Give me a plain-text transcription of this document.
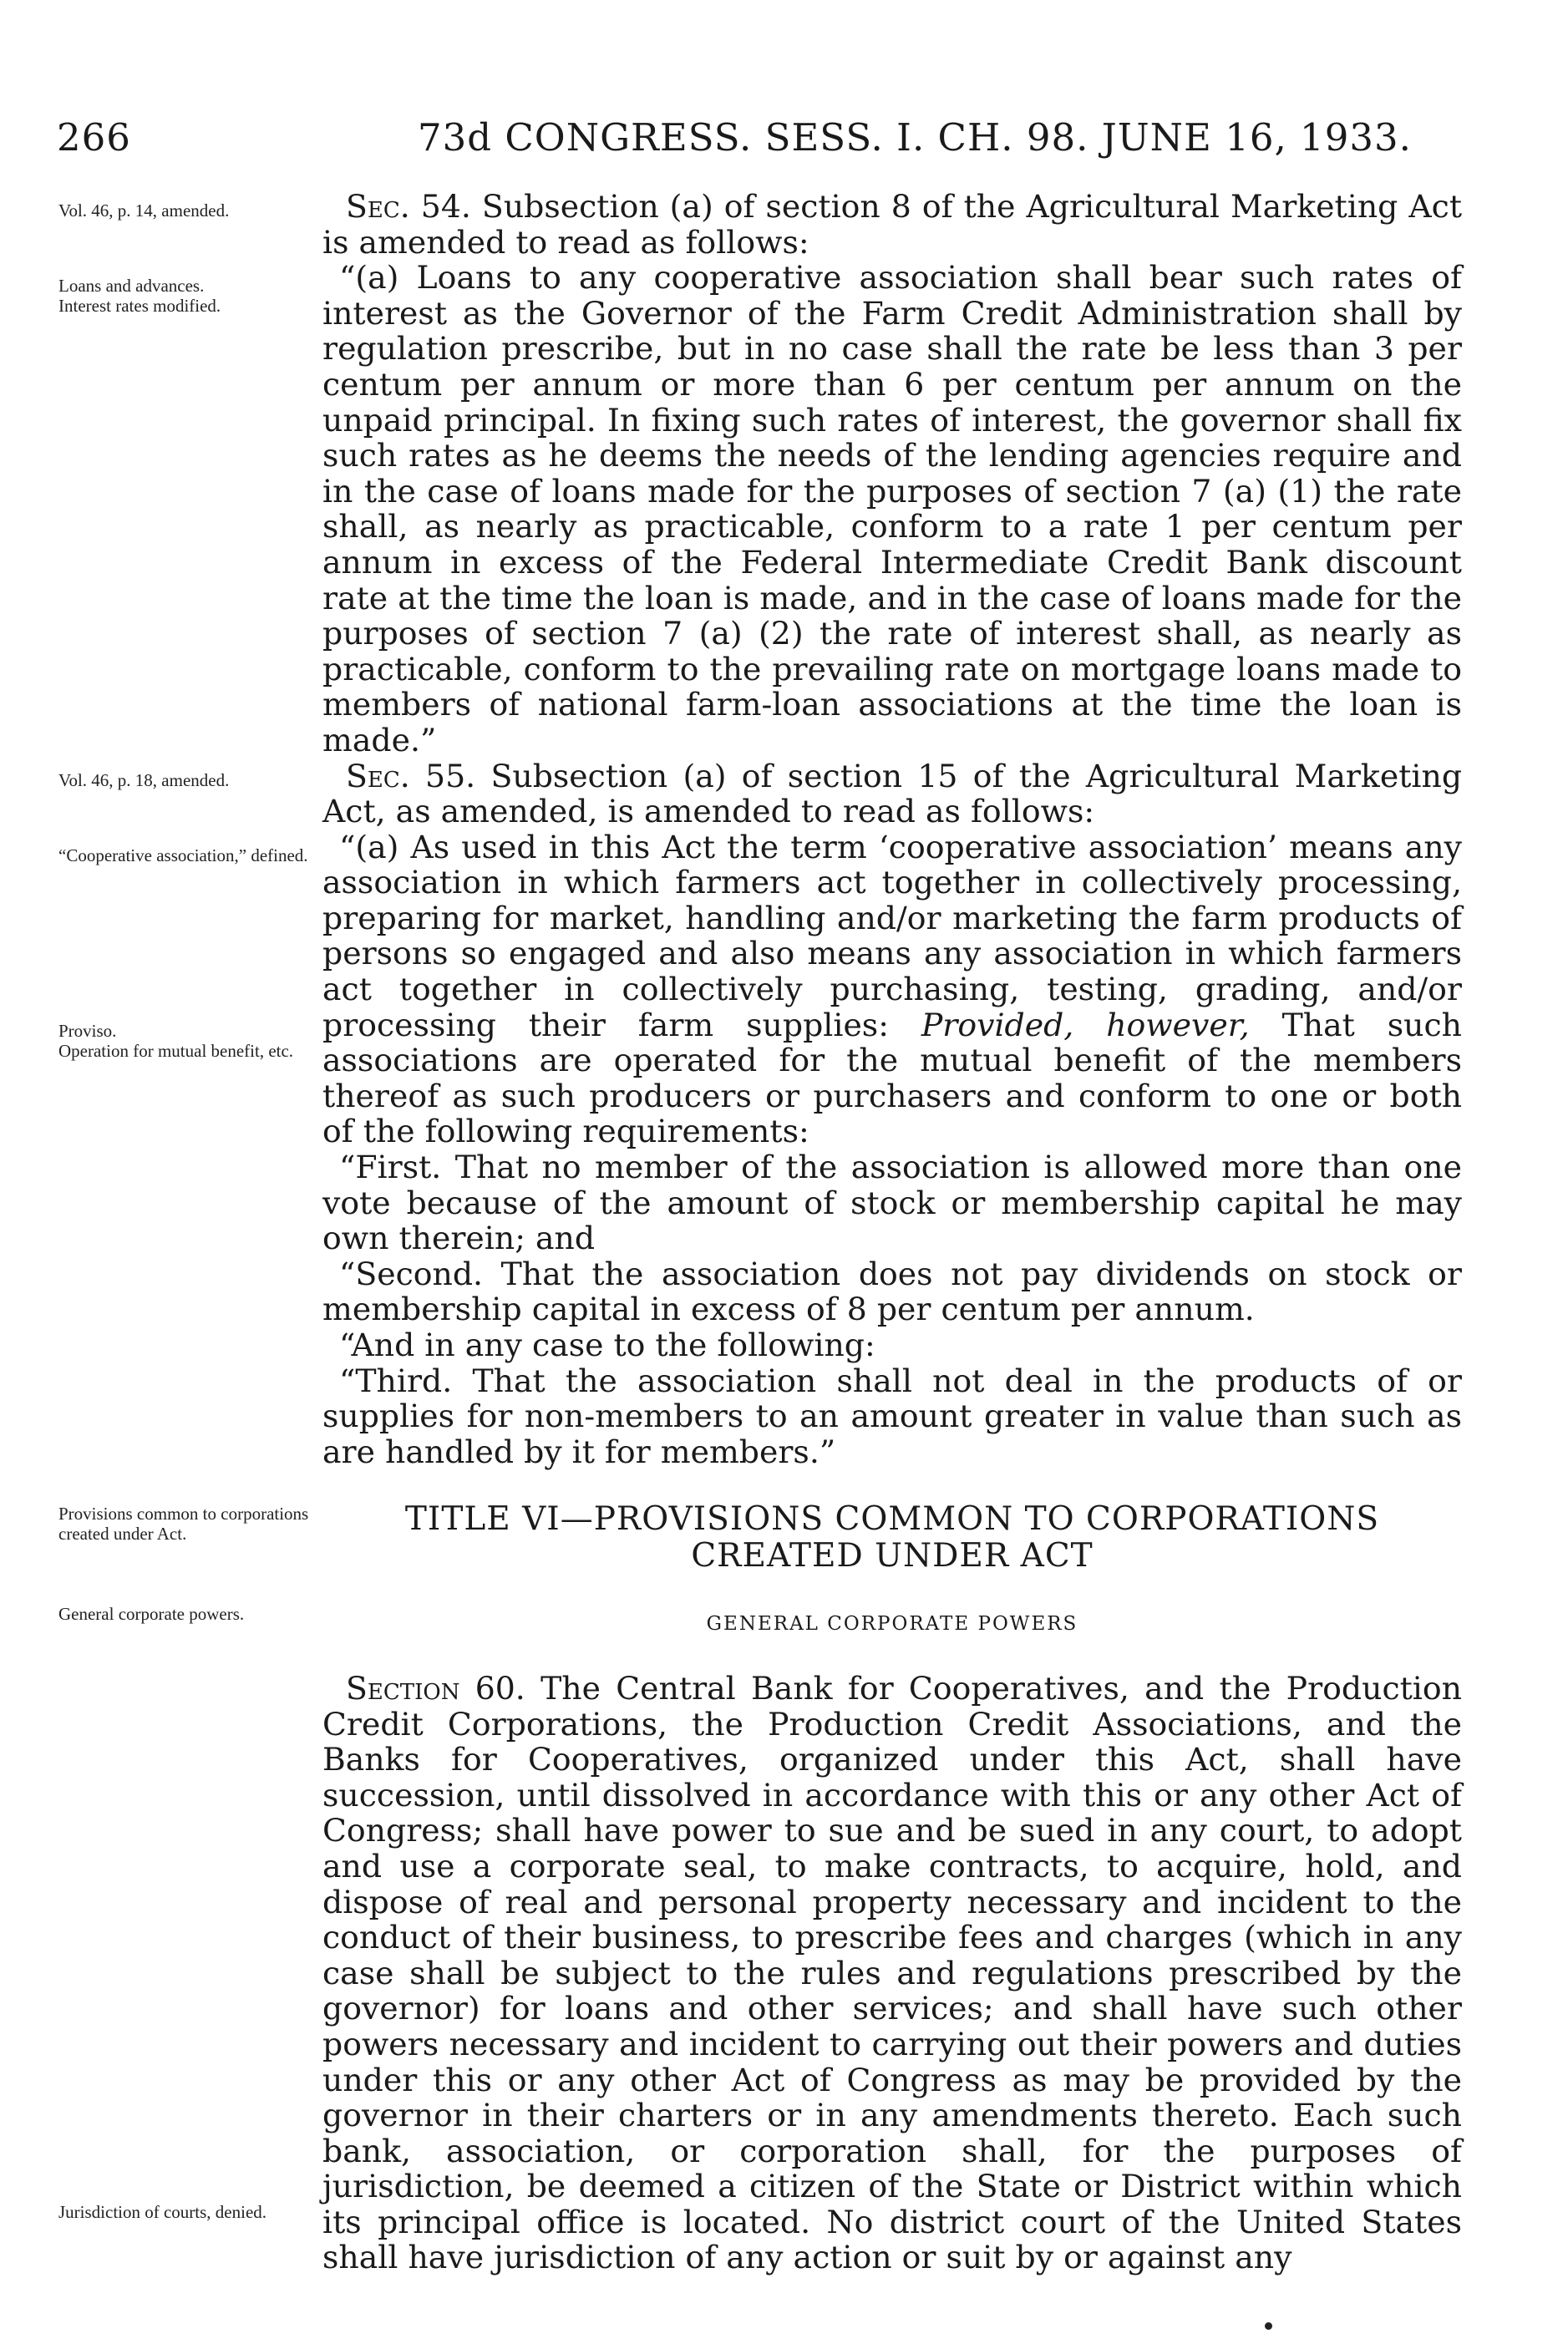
266	73d CONGRESS. SESS. I. CH. 98. JUNE 16, 1933.
Vol. 46, p. 14, amended.
Loans and advances.
Interest rates modified.
Vol. 46, p. 18, amended.
“Cooperative association,” defined.
Proviso.
Operation for mutual benefit, etc.
Provisions common to corporations created under Act.
General corporate powers.
Jurisdiction of courts, denied.

Sec. 54. Subsection (a) of section 8 of the Agricultural Marketing Act is amended to read as follows:

“(a) Loans to any cooperative association shall bear such rates of interest as the Governor of the Farm Credit Administration shall by regulation prescribe, but in no case shall the rate be less than 3 per centum per annum or more than 6 per centum per annum on the unpaid principal. In fixing such rates of interest, the governor shall fix such rates as he deems the needs of the lending agencies require and in the case of loans made for the purposes of section 7 (a) (1) the rate shall, as nearly as practicable, conform to a rate 1 per centum per annum in excess of the Federal Intermediate Credit Bank discount rate at the time the loan is made, and in the case of loans made for the purposes of section 7 (a) (2) the rate of interest shall, as nearly as practicable, conform to the prevailing rate on mortgage loans made to members of national farm-loan associations at the time the loan is made.”

Sec. 55. Subsection (a) of section 15 of the Agricultural Marketing Act, as amended, is amended to read as follows:

“(a) As used in this Act the term ‘cooperative association’ means any association in which farmers act together in collectively processing, preparing for market, handling and/or marketing the farm products of persons so engaged and also means any association in which farmers act together in collectively purchasing, testing, grading, and/or processing their farm supplies: Provided, however, That such associations are operated for the mutual benefit of the members thereof as such producers or purchasers and conform to one or both of the following requirements:

“First. That no member of the association is allowed more than one vote because of the amount of stock or membership capital he may own therein; and

“Second. That the association does not pay dividends on stock or membership capital in excess of 8 per centum per annum.

“And in any case to the following:

“Third. That the association shall not deal in the products of or supplies for non-members to an amount greater in value than such as are handled by it for members.”

TITLE VI—PROVISIONS COMMON TO CORPORATIONS CREATED UNDER ACT
GENERAL CORPORATE POWERS

Section 60. The Central Bank for Cooperatives, and the Production Credit Corporations, the Production Credit Associations, and the Banks for Cooperatives, organized under this Act, shall have succession, until dissolved in accordance with this or any other Act of Congress; shall have power to sue and be sued in any court, to adopt and use a corporate seal, to make contracts, to acquire, hold, and dispose of real and personal property necessary and incident to the conduct of their business, to prescribe fees and charges (which in any case shall be subject to the rules and regulations prescribed by the governor) for loans and other services; and shall have such other powers necessary and incident to carrying out their powers and duties under this or any other Act of Congress as may be provided by the governor in their charters or in any amendments thereto. Each such bank, association, or corporation shall, for the purposes of jurisdiction, be deemed a citizen of the State or District within which its principal office is located. No district court of the United States shall have jurisdiction of any action or suit by or against any
